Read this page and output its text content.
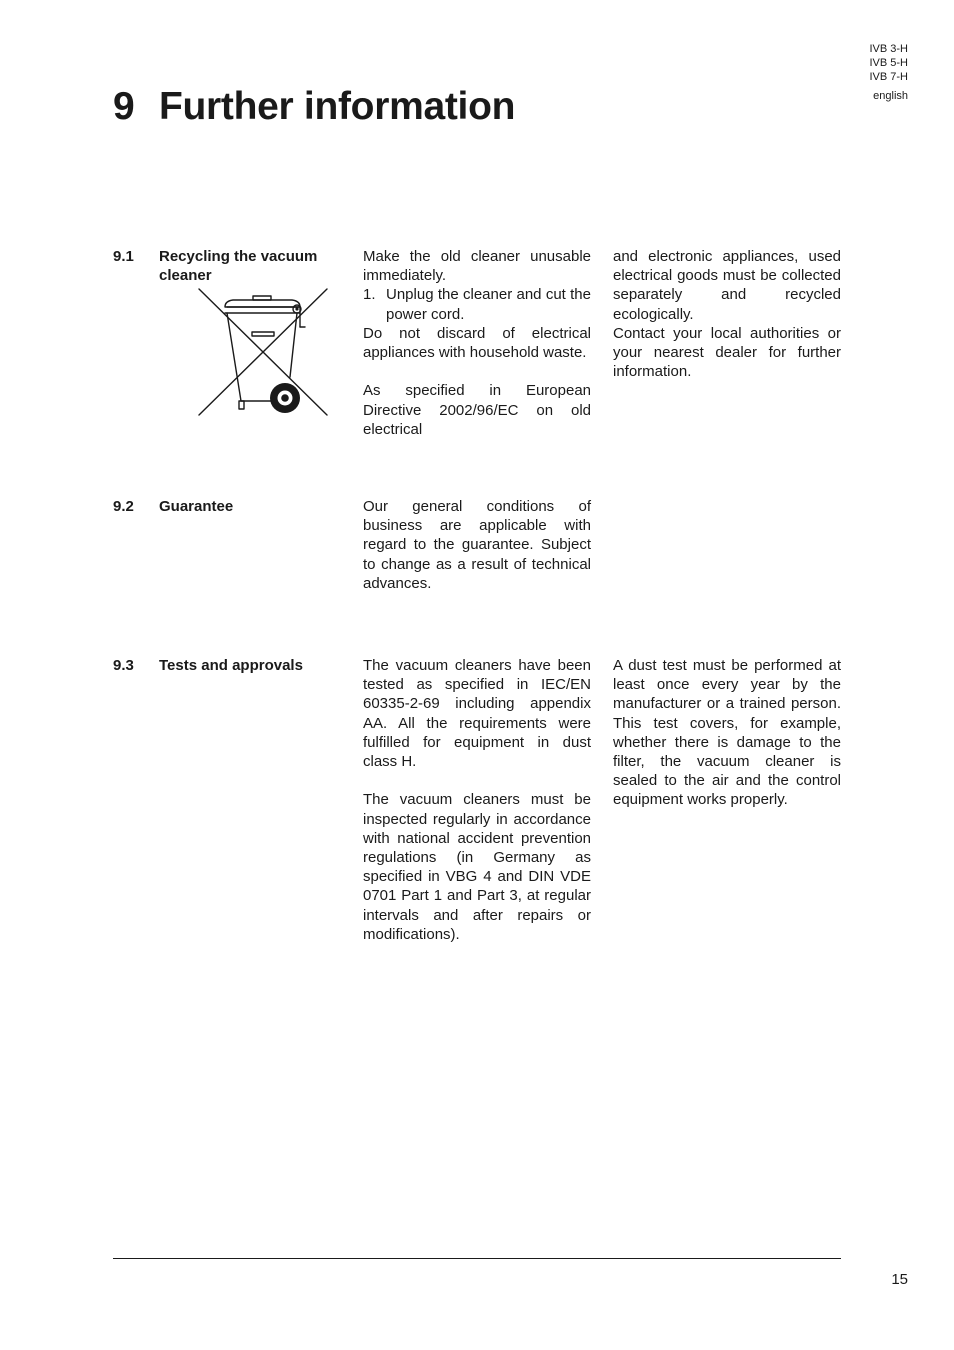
IVB 3-H
IVB 5-H
IVB 7-H
english
9 Further information
9.1 Recycling the vacuum cleaner

Make the old cleaner unusable immediately.

1. Unplug the cleaner and cut the power cord.

Do not discard of electrical appliances with household waste.

As specified in European Directive 2002/96/EC on old electrical

and electronic appliances, used electrical goods must be collected separately and recycled ecologically.

Contact your local authorities or your nearest dealer for further information.

9.2 Guarantee	Our general conditions of business are applicable with regard to the guarantee. Subject to change as a result of technical advances.

9.3 Tests and approvals	The vacuum cleaners have been tested as specified in IEC/EN 60335-2-69 including appendix AA. All the requirements were fulfilled for equipment in dust class H.

The vacuum cleaners must be inspected regularly in accordance with national accident prevention regulations (in Germany as specified in VBG 4 and DIN VDE 0701 Part 1 and Part 3, at regular intervals and after repairs or modifications).

A dust test must be performed at least once every year by the manufacturer or a trained person. This test covers, for example, whether there is damage to the filter, the vacuum cleaner is sealed to the air and the control equipment works properly.

15
